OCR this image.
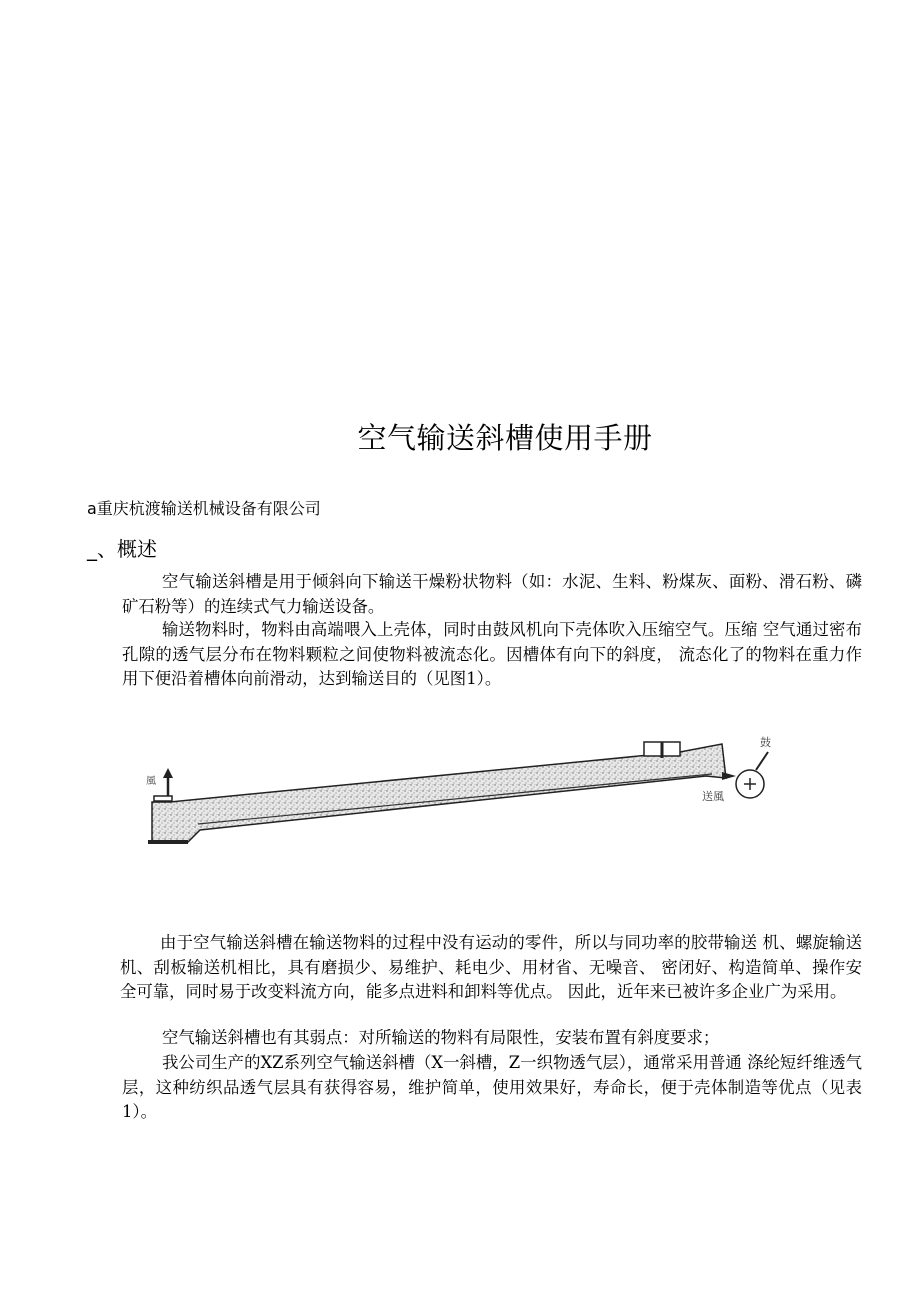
空气输送斜槽使用手册
a重庆杭渡输送机械设备有限公司
_、概述

空气输送斜槽是用于倾斜向下输送干燥粉状物料（如：水泥、生料、粉煤灰、面粉、滑石粉、磷矿石粉等）的连续式气力输送设备。

输送物料时，物料由高端喂入上壳体，同时由鼓风机向下壳体吹入压缩空气。压缩 空气通过密布孔隙的透气层分布在物料颗粒之间使物料被流态化。因槽体有向下的斜度， 流态化了的物料在重力作用下便沿着槽体向前滑动，达到输送目的（见图1）。

風
鼓
送風

由于空气输送斜槽在输送物料的过程中没有运动的零件，所以与同功率的胶带输送 机、螺旋输送机、刮板输送机相比，具有磨损少、易维护、耗电少、用材省、无噪音、 密闭好、构造简单、操作安全可靠，同时易于改变料流方向，能多点进料和卸料等优点。 因此，近年来已被许多企业广为采用。

空气输送斜槽也有其弱点：对所输送的物料有局限性，安装布置有斜度要求；

我公司生产的XZ系列空气输送斜槽（X一斜槽，Z一织物透气层），通常采用普通 涤纶短纤维透气层，这种纺织品透气层具有获得容易，维护简单，使用效果好，寿命长，便于壳体制造等优点（见表1）。
